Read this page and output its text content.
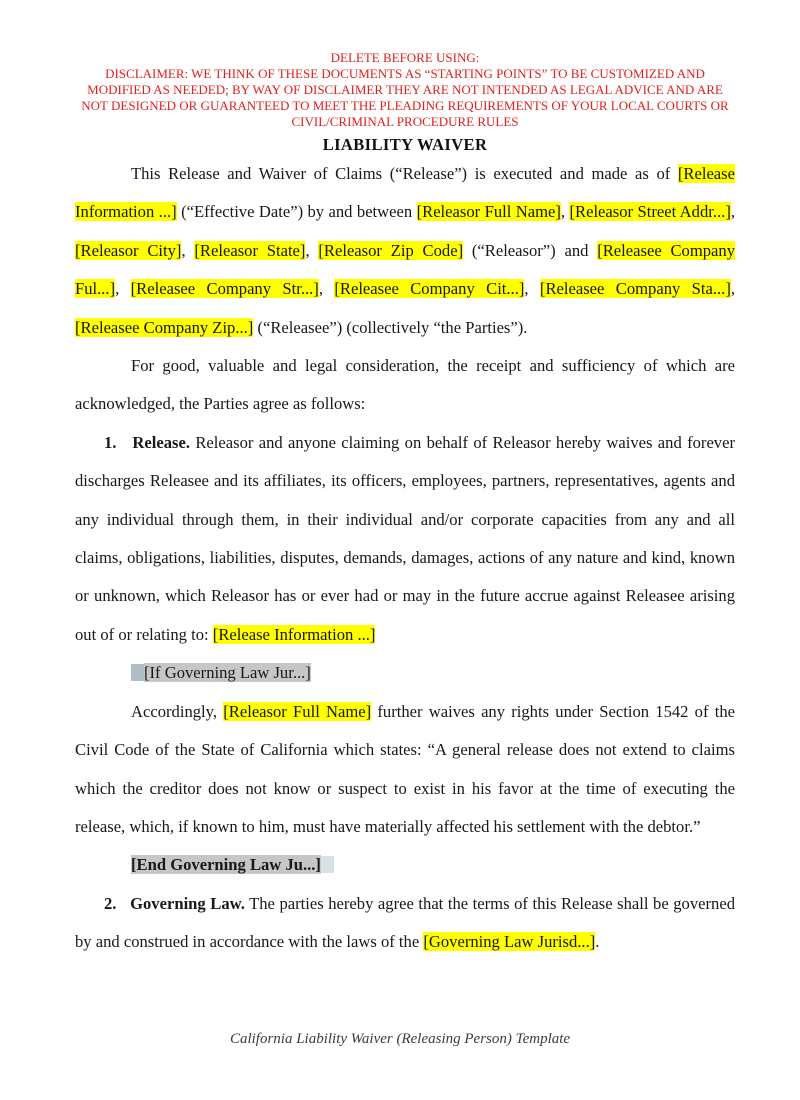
DELETE BEFORE USING:

DISCLAIMER: WE THINK OF THESE DOCUMENTS AS “STARTING POINTS” TO BE CUSTOMIZED AND MODIFIED AS NEEDED; BY WAY OF DISCLAIMER THEY ARE NOT INTENDED AS LEGAL ADVICE AND ARE NOT DESIGNED OR GUARANTEED TO MEET THE PLEADING REQUIREMENTS OF YOUR LOCAL COURTS OR CIVIL/CRIMINAL PROCEDURE RULES

LIABILITY WAIVER

This Release and Waiver of Claims (“Release”) is executed and made as of [Release Information ...] (“Effective Date”) by and between [Releasor Full Name], [Releasor Street Addr...], [Releasor City], [Releasor State], [Releasor Zip Code] (“Releasor”) and [Releasee Company Ful...], [Releasee Company Str...], [Releasee Company Cit...], [Releasee Company Sta...], [Releasee Company Zip...] (“Releasee”) (collectively “the Parties”).

For good, valuable and legal consideration, the receipt and sufficiency of which are acknowledged, the Parties agree as follows:

1.   Release. Releasor and anyone claiming on behalf of Releasor hereby waives and forever discharges Releasee and its affiliates, its officers, employees, partners, representatives, agents and any individual through them, in their individual and/or corporate capacities from any and all claims, obligations, liabilities, disputes, demands, damages, actions of any nature and kind, known or unknown, which Releasor has or ever had or may in the future accrue against Releasee arising out of or relating to: [Release Information ...]

[If Governing Law Jur...]

Accordingly, [Releasor Full Name] further waives any rights under Section 1542 of the Civil Code of the State of California which states: “A general release does not extend to claims which the creditor does not know or suspect to exist in his favor at the time of executing the release, which, if known to him, must have materially affected his settlement with the debtor.”

[End Governing Law Ju...]

2.   Governing Law. The parties hereby agree that the terms of this Release shall be governed by and construed in accordance with the laws of the [Governing Law Jurisd...].

California Liability Waiver (Releasing Person) Template
